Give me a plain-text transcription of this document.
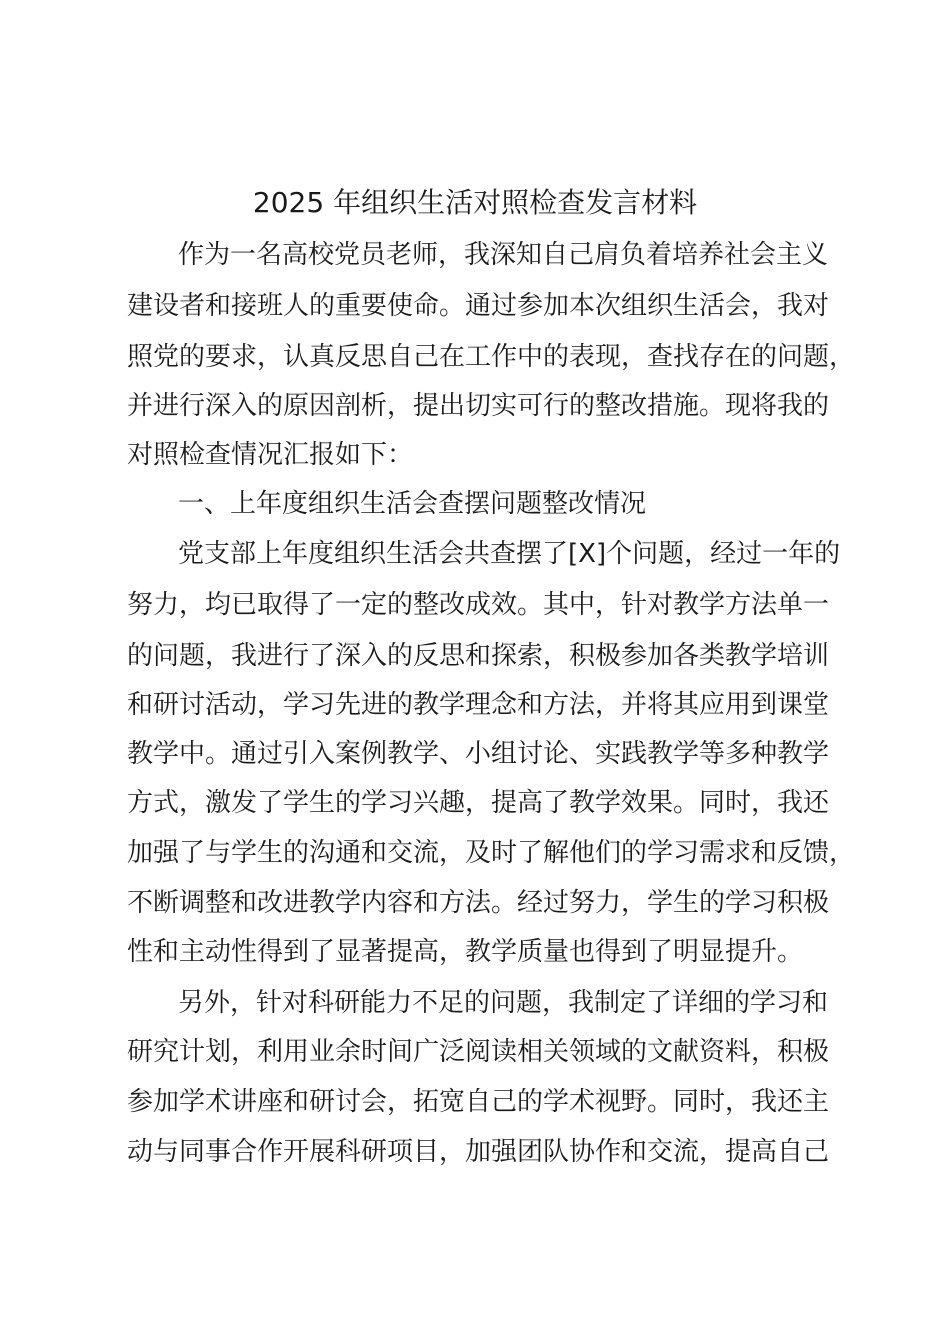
2025 年组织生活对照检查发言材料
作为一名高校党员老师，我深知自己肩负着培养社会主义
建设者和接班人的重要使命。通过参加本次组织生活会，我对
照党的要求，认真反思自己在工作中的表现，查找存在的问题，
并进行深入的原因剖析，提出切实可行的整改措施。现将我的
对照检查情况汇报如下：
一、上年度组织生活会查摆问题整改情况
党支部上年度组织生活会共查摆了[X]个问题，经过一年的
努力，均已取得了一定的整改成效。其中，针对教学方法单一
的问题，我进行了深入的反思和探索，积极参加各类教学培训
和研讨活动，学习先进的教学理念和方法，并将其应用到课堂
教学中。通过引入案例教学、小组讨论、实践教学等多种教学
方式，激发了学生的学习兴趣，提高了教学效果。同时，我还
加强了与学生的沟通和交流，及时了解他们的学习需求和反馈，
不断调整和改进教学内容和方法。经过努力，学生的学习积极
性和主动性得到了显著提高，教学质量也得到了明显提升。
另外，针对科研能力不足的问题，我制定了详细的学习和
研究计划，利用业余时间广泛阅读相关领域的文献资料，积极
参加学术讲座和研讨会，拓宽自己的学术视野。同时，我还主
动与同事合作开展科研项目，加强团队协作和交流，提高自己
